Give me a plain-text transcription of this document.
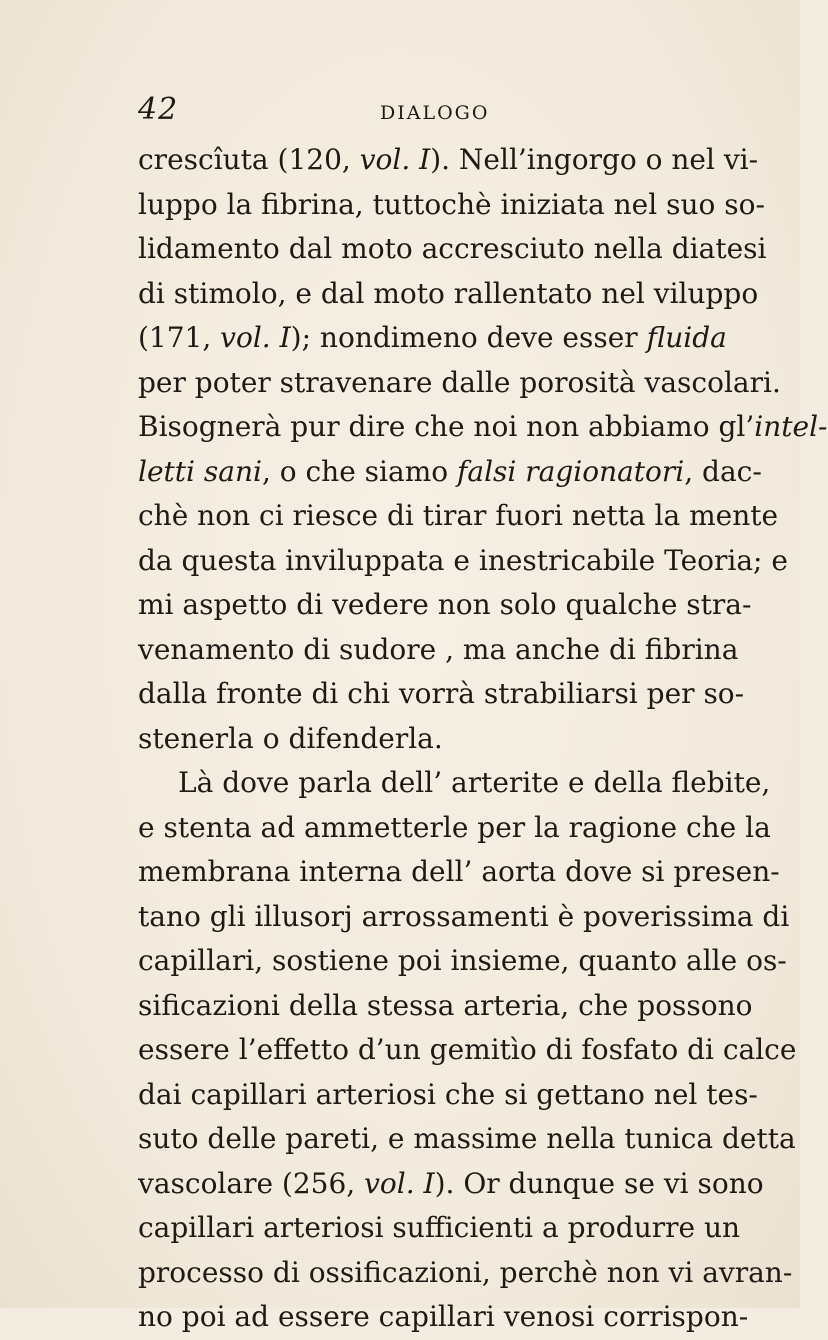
42	DIALOGO
crescîuta (120, vol. I). Nell’ingorgo o nel vi-
luppo la fibrina, tuttochè iniziata nel suo so-
lidamento dal moto accresciuto nella diatesi
di stimolo, e dal moto rallentato nel viluppo
(171, vol. I); nondimeno deve esser fluida
per poter stravenare dalle porosità vascolari.
Bisognerà pur dire che noi non abbiamo gl’intel-
letti sani, o che siamo falsi ragionatori, dac-
chè non ci riesce di tirar fuori netta la mente
da questa inviluppata e inestricabile Teoria; e
mi aspetto di vedere non solo qualche stra-
venamento di sudore , ma anche di fibrina
dalla fronte di chi vorrà strabiliarsi per so-
stenerla o difenderla.
Là dove parla dell’ arterite e della flebite,
e stenta ad ammetterle per la ragione che la
membrana interna dell’ aorta dove si presen-
tano gli illusorj arrossamenti è poverissima di
capillari, sostiene poi insieme, quanto alle os-
sificazioni della stessa arteria, che possono
essere l’effetto d’un gemitìo di fosfato di calce
dai capillari arteriosi che si gettano nel tes-
suto delle pareti, e massime nella tunica detta
vascolare (256, vol. I). Or dunque se vi sono
capillari arteriosi sufficienti a produrre un
processo di ossificazioni, perchè non vi avran-
no poi ad essere capillari venosi corrispon-
